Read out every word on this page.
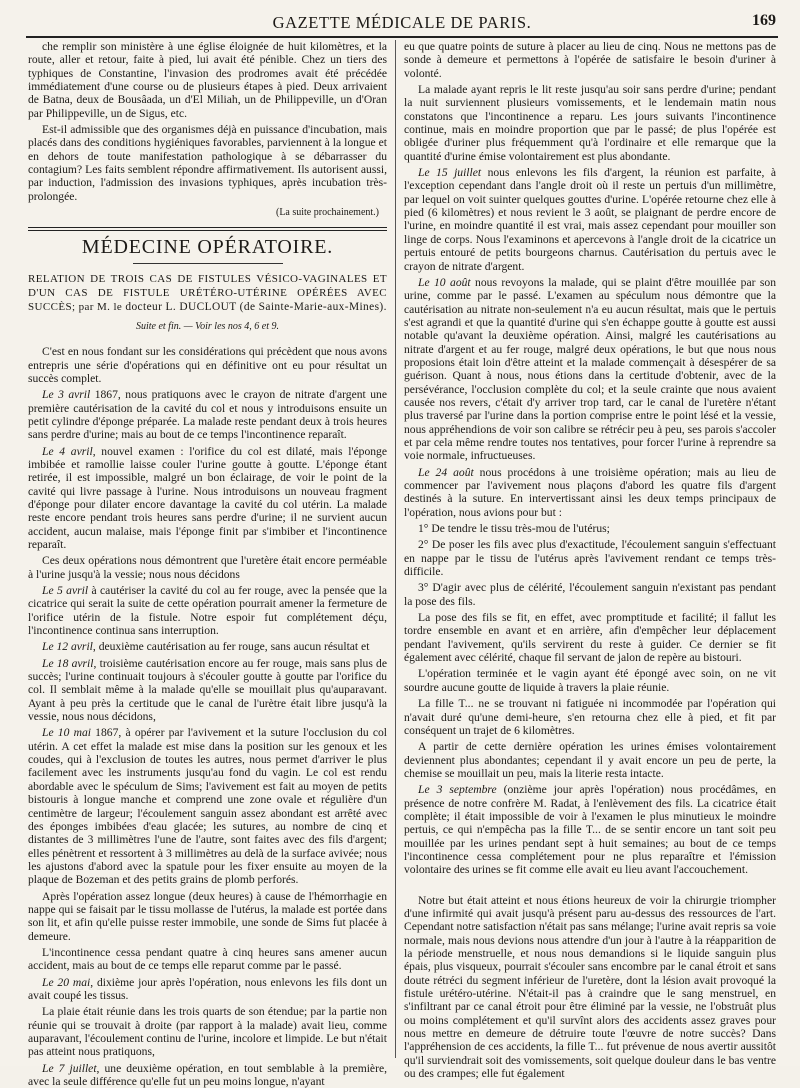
GAZETTE MÉDICALE DE PARIS.	169

che remplir son ministère à une église éloignée de huit kilomètres, et la route, aller et retour, faite à pied, lui avait été pénible. Chez un tiers des typhiques de Constantine, l'invasion des prodromes avait été précédée immédiatement d'une course ou de plusieurs étapes à pied. Deux arrivaient de Batna, deux de Bousâada, un d'El Miliah, un de Philippeville, un d'Oran par Philippeville, un de Sigus, etc.

Est-il admissible que des organismes déjà en puissance d'incubation, mais placés dans des conditions hygiéniques favorables, parviennent à la longue et en dehors de toute manifestation pathologique à se débarrasser du contagium? Les faits semblent répondre affirmativement. Ils autorisent aussi, par induction, l'admission des invasions typhiques, après incubation très-prolongée.

(La suite prochainement.)
MÉDECINE OPÉRATOIRE.

RELATION DE TROIS CAS DE FISTULES VÉSICO-VAGINALES ET D'UN CAS DE FISTULE URÉTÉRO-UTÉRINE OPÉRÉES AVEC SUCCÈS; par M. le docteur L. DUCLOUT (de Sainte-Marie-aux-Mines).

Suite et fin. — Voir les nos 4, 6 et 9.

C'est en nous fondant sur les considérations qui précèdent que nous avons entrepris une série d'opérations qui en définitive ont eu pour résultat un succès complet.

Le 3 avril 1867, nous pratiquons avec le crayon de nitrate d'argent une première cautérisation de la cavité du col et nous y introduisons ensuite un petit cylindre d'éponge préparée. La malade reste pendant deux à trois heures sans perdre d'urine; mais au bout de ce temps l'incontinence reparaît.

Le 4 avril, nouvel examen : l'orifice du col est dilaté, mais l'éponge imbibée et ramollie laisse couler l'urine goutte à goutte. L'éponge étant retirée, il est impossible, malgré un bon éclairage, de voir le point de la cavité qui livre passage à l'urine. Nous introduisons un nouveau fragment d'éponge pour dilater encore davantage la cavité du col utérin. La malade reste encore pendant trois heures sans perdre d'urine; il ne survient aucun accident, aucun malaise, mais l'éponge finit par s'imbiber et l'incontinence reparaît.

Ces deux opérations nous démontrent que l'uretère était encore perméable à l'urine jusqu'à la vessie; nous nous décidons

Le 5 avril à cautériser la cavité du col au fer rouge, avec la pensée que la cicatrice qui serait la suite de cette opération pourrait amener la fermeture de l'orifice utérin de la fistule. Notre espoir fut complétement déçu, l'incontinence continua sans interruption.

Le 12 avril, deuxième cautérisation au fer rouge, sans aucun résultat et

Le 18 avril, troisième cautérisation encore au fer rouge, mais sans plus de succès; l'urine continuait toujours à s'écouler goutte à goutte par l'orifice du col. Il semblait même à la malade qu'elle se mouillait plus qu'auparavant. Ayant à peu près la certitude que le canal de l'urètre était libre jusqu'à la vessie, nous nous décidons,

Le 10 mai 1867, à opérer par l'avivement et la suture l'occlusion du col utérin. A cet effet la malade est mise dans la position sur les genoux et les coudes, qui à l'exclusion de toutes les autres, nous permet d'arriver le plus facilement avec les instruments jusqu'au fond du vagin. Le col est rendu abordable avec le spéculum de Sims; l'avivement est fait au moyen de petits bistouris à longue manche et comprend une zone ovale et régulière d'un centimètre de largeur; l'écoulement sanguin assez abondant est arrêté avec des éponges imbibées d'eau glacée; les sutures, au nombre de cinq et distantes de 3 millimètres l'une de l'autre, sont faites avec des fils d'argent; elles pénètrent et ressortent à 3 millimètres au delà de la surface avivée; nous les ajustons d'abord avec la spatule pour les fixer ensuite au moyen de la plaque de Bozeman et des petits grains de plomb perforés.

Après l'opération assez longue (deux heures) à cause de l'hémorrhagie en nappe qui se faisait par le tissu mollasse de l'utérus, la malade est portée dans son lit, et afin qu'elle puisse rester immobile, une sonde de Sims fut placée à demeure.

L'incontinence cessa pendant quatre à cinq heures sans amener aucun accident, mais au bout de ce temps elle reparut comme par le passé.

Le 20 mai, dixième jour après l'opération, nous enlevons les fils dont un avait coupé les tissus.

La plaie était réunie dans les trois quarts de son étendue; par la partie non réunie qui se trouvait à droite (par rapport à la malade) avait lieu, comme auparavant, l'écoulement continu de l'urine, incolore et limpide. Le but n'était pas atteint nous pratiquons,

Le 7 juillet, une deuxième opération, en tout semblable à la première, avec la seule différence qu'elle fut un peu moins longue, n'ayant

eu que quatre points de suture à placer au lieu de cinq. Nous ne mettons pas de sonde à demeure et permettons à l'opérée de satisfaire le besoin d'uriner à volonté.

La malade ayant repris le lit reste jusqu'au soir sans perdre d'urine; pendant la nuit surviennent plusieurs vomissements, et le lendemain matin nous constatons que l'incontinence a reparu. Les jours suivants l'incontinence continue, mais en moindre proportion que par le passé; de plus l'opérée est obligée d'uriner plus fréquemment qu'à l'ordinaire et elle remarque que la quantité d'urine émise volontairement est plus abondante.

Le 15 juillet nous enlevons les fils d'argent, la réunion est parfaite, à l'exception cependant dans l'angle droit où il reste un pertuis d'un millimètre, par lequel on voit suinter quelques gouttes d'urine. L'opérée retourne chez elle à pied (6 kilomètres) et nous revient le 3 août, se plaignant de perdre encore de l'urine, en moindre quantité il est vrai, mais assez cependant pour mouiller son linge de corps. Nous l'examinons et apercevons à l'angle droit de la cicatrice un pertuis entouré de petits bourgeons charnus. Cautérisation du pertuis avec le crayon de nitrate d'argent.

Le 10 août nous revoyons la malade, qui se plaint d'être mouillée par son urine, comme par le passé. L'examen au spéculum nous démontre que la cautérisation au nitrate non-seulement n'a eu aucun résultat, mais que le pertuis s'est agrandi et que la quantité d'urine qui s'en échappe goutte à goutte est aussi notable qu'avant la deuxième opération. Ainsi, malgré les cautérisations au nitrate d'argent et au fer rouge, malgré deux opérations, le but que nous nous proposions était loin d'être atteint et la malade commençait à désespérer de sa guérison. Quant à nous, nous étions dans la certitude d'obtenir, avec de la persévérance, l'occlusion complète du col; et la seule crainte que nous avaient causée nos revers, c'était d'y arriver trop tard, car le canal de l'uretère n'étant plus traversé par l'urine dans la portion comprise entre le point lésé et la vessie, nous appréhendions de voir son calibre se rétrécir peu à peu, ses parois s'accoler et par cela même rendre toutes nos tentatives, pour forcer l'urine à reprendre sa voie normale, infructueuses.

Le 24 août nous procédons à une troisième opération; mais au lieu de commencer par l'avivement nous plaçons d'abord les quatre fils d'argent destinés à la suture. En intervertissant ainsi les deux temps principaux de l'opération, nous avions pour but :

1° De tendre le tissu très-mou de l'utérus;

2° De poser les fils avec plus d'exactitude, l'écoulement sanguin s'effectuant en nappe par le tissu de l'utérus après l'avivement rendant ce temps très-difficile.

3° D'agir avec plus de célérité, l'écoulement sanguin n'existant pas pendant la pose des fils.

La pose des fils se fit, en effet, avec promptitude et facilité; il fallut les tordre ensemble en avant et en arrière, afin d'empêcher leur déplacement pendant l'avivement, qu'ils servirent du reste à guider. Ce dernier se fit également avec célérité, chaque fil servant de jalon de repère au bistouri.

L'opération terminée et le vagin ayant été épongé avec soin, on ne vit sourdre aucune goutte de liquide à travers la plaie réunie.

La fille T... ne se trouvant ni fatiguée ni incommodée par l'opération qui n'avait duré qu'une demi-heure, s'en retourna chez elle à pied, et fit par conséquent un trajet de 6 kilomètres.

A partir de cette dernière opération les urines émises volontairement deviennent plus abondantes; cependant il y avait encore un peu de perte, la chemise se mouillait un peu, mais la literie resta intacte.

Le 3 septembre (onzième jour après l'opération) nous procédâmes, en présence de notre confrère M. Radat, à l'enlèvement des fils. La cicatrice était complète; il était impossible de voir à l'examen le plus minutieux le moindre pertuis, ce qui n'empêcha pas la fille T... de se sentir encore un tant soit peu mouillée par les urines pendant sept à huit semaines; au bout de ce temps l'incontinence cessa complétement pour ne plus reparaître et l'émission volontaire des urines se fit comme elle avait eu lieu avant l'accouchement.

Notre but était atteint et nous étions heureux de voir la chirurgie triompher d'une infirmité qui avait jusqu'à présent paru au-dessus des ressources de l'art. Cependant notre satisfaction n'était pas sans mélange; l'urine avait repris sa voie normale, mais nous devions nous attendre d'un jour à l'autre à la réapparition de la période menstruelle, et nous nous demandions si le liquide sanguin plus épais, plus visqueux, pourrait s'écouler sans encombre par le canal étroit et sans doute rétréci du segment inférieur de l'uretère, dont la lésion avait provoqué la fistule urétéro-utérine. N'était-il pas à craindre que le sang menstruel, en s'infiltrant par ce canal étroit pour être éliminé par la vessie, ne l'obstruât plus ou moins complétement et qu'il survînt alors des accidents assez graves pour nous mettre en demeure de détruire toute l'œuvre de notre succès? Dans l'appréhension de ces accidents, la fille T... fut prévenue de nous avertir aussitôt qu'il surviendrait soit des vomissements, soit quelque douleur dans le bas ventre ou des crampes; elle fut également
